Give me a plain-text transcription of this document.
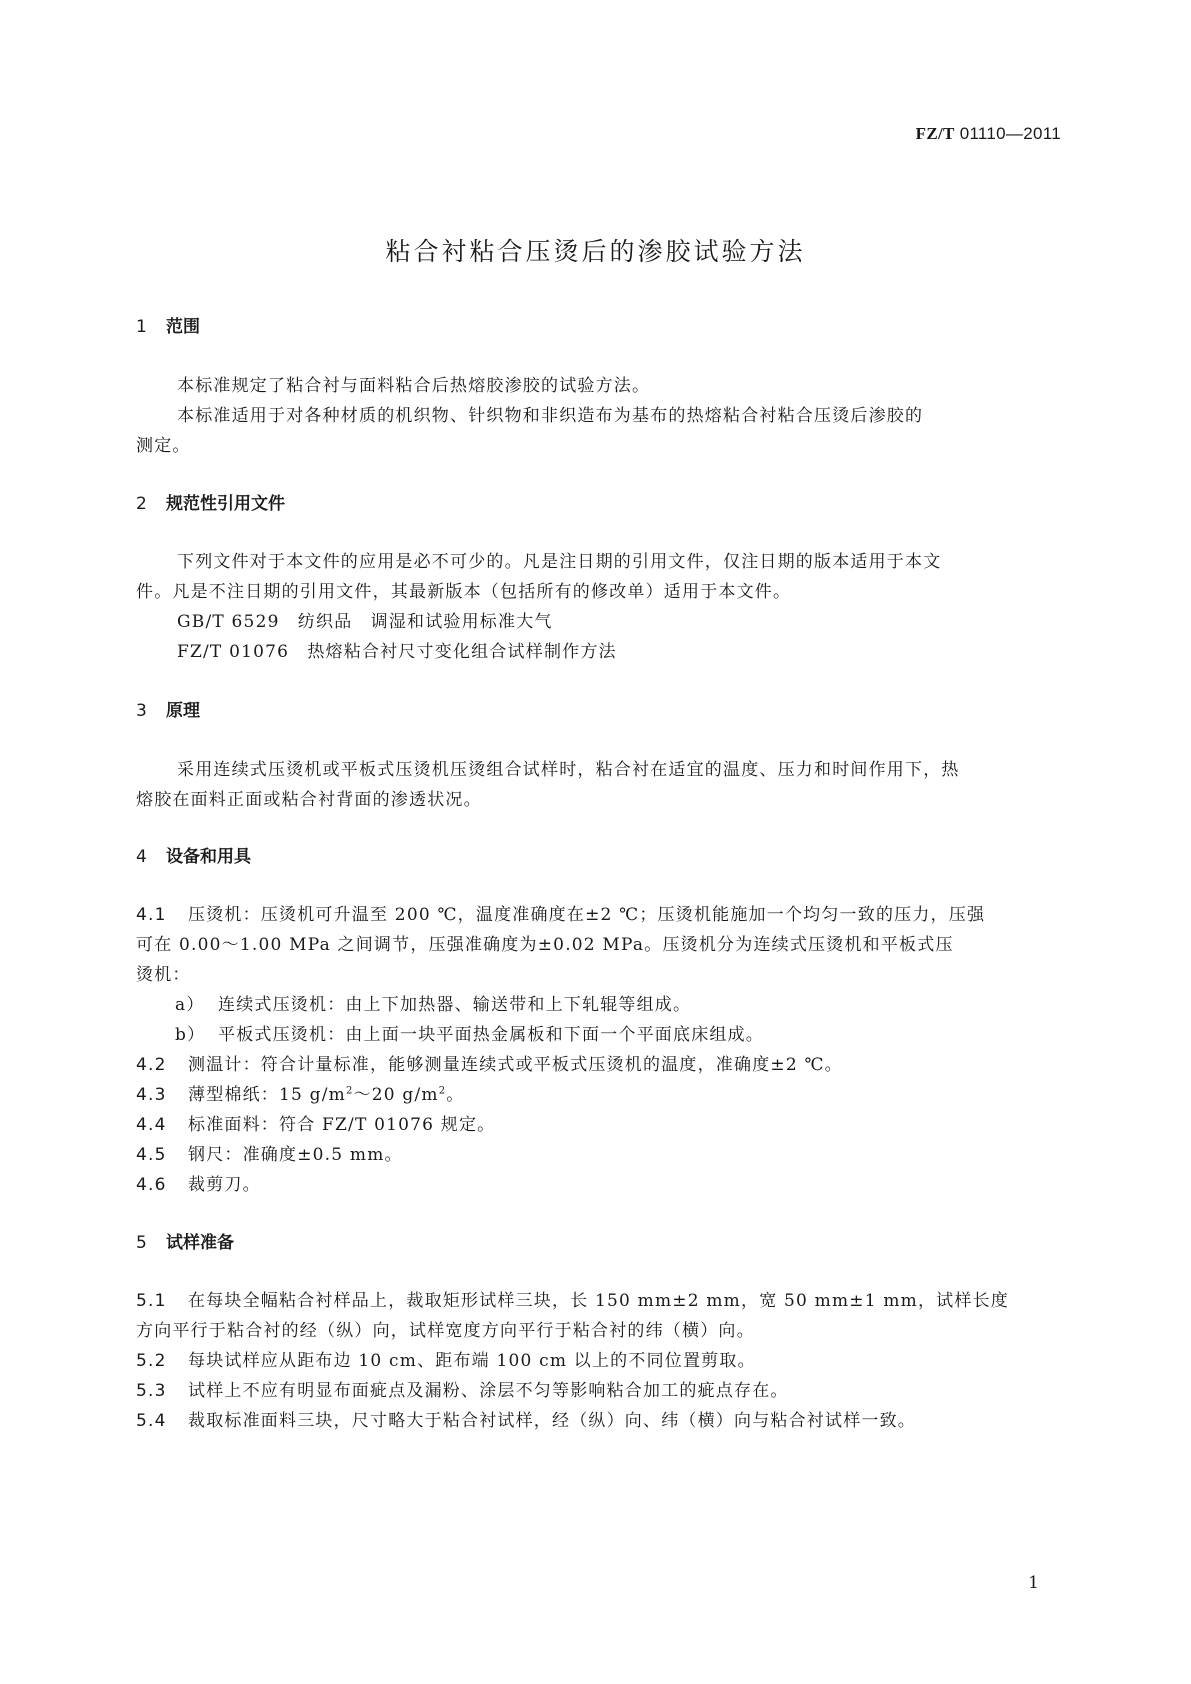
FZ/T 01110—2011
粘合衬粘合压烫后的渗胶试验方法
1 范围
本标准规定了粘合衬与面料粘合后热熔胶渗胶的试验方法。
本标准适用于对各种材质的机织物、针织物和非织造布为基布的热熔粘合衬粘合压烫后渗胶的
测定。
2 规范性引用文件
下列文件对于本文件的应用是必不可少的。凡是注日期的引用文件，仅注日期的版本适用于本文
件。凡是不注日期的引用文件，其最新版本（包括所有的修改单）适用于本文件。
GB/T 6529　纺织品　调湿和试验用标准大气
FZ/T 01076　热熔粘合衬尺寸变化组合试样制作方法
3 原理
采用连续式压烫机或平板式压烫机压烫组合试样时，粘合衬在适宜的温度、压力和时间作用下，热
熔胶在面料正面或粘合衬背面的渗透状况。
4 设备和用具
4.1 压烫机：压烫机可升温至 200 ℃，温度准确度在±2 ℃；压烫机能施加一个均匀一致的压力，压强
可在 0.00～1.00 MPa 之间调节，压强准确度为±0.02 MPa。压烫机分为连续式压烫机和平板式压
烫机：
a） 连续式压烫机：由上下加热器、输送带和上下轧辊等组成。
b） 平板式压烫机：由上面一块平面热金属板和下面一个平面底床组成。
4.2 测温计：符合计量标准，能够测量连续式或平板式压烫机的温度，准确度±2 ℃。
4.3 薄型棉纸：15 $g/m^2\sim 20$ $g/m^2$。
4.4 标准面料：符合 FZ/T 01076 规定。
4.5 钢尺：准确度±0.5 mm。
4.6 裁剪刀。
5 试样准备
5.1 在每块全幅粘合衬样品上，裁取矩形试样三块，长 150 mm±2 mm，宽 50 mm±1 mm，试样长度
方向平行于粘合衬的经（纵）向，试样宽度方向平行于粘合衬的纬（横）向。
5.2 每块试样应从距布边 10 cm、距布端 100 cm 以上的不同位置剪取。
5.3 试样上不应有明显布面疵点及漏粉、涂层不匀等影响粘合加工的疵点存在。
5.4 裁取标准面料三块，尺寸略大于粘合衬试样，经（纵）向、纬（横）向与粘合衬试样一致。
1
